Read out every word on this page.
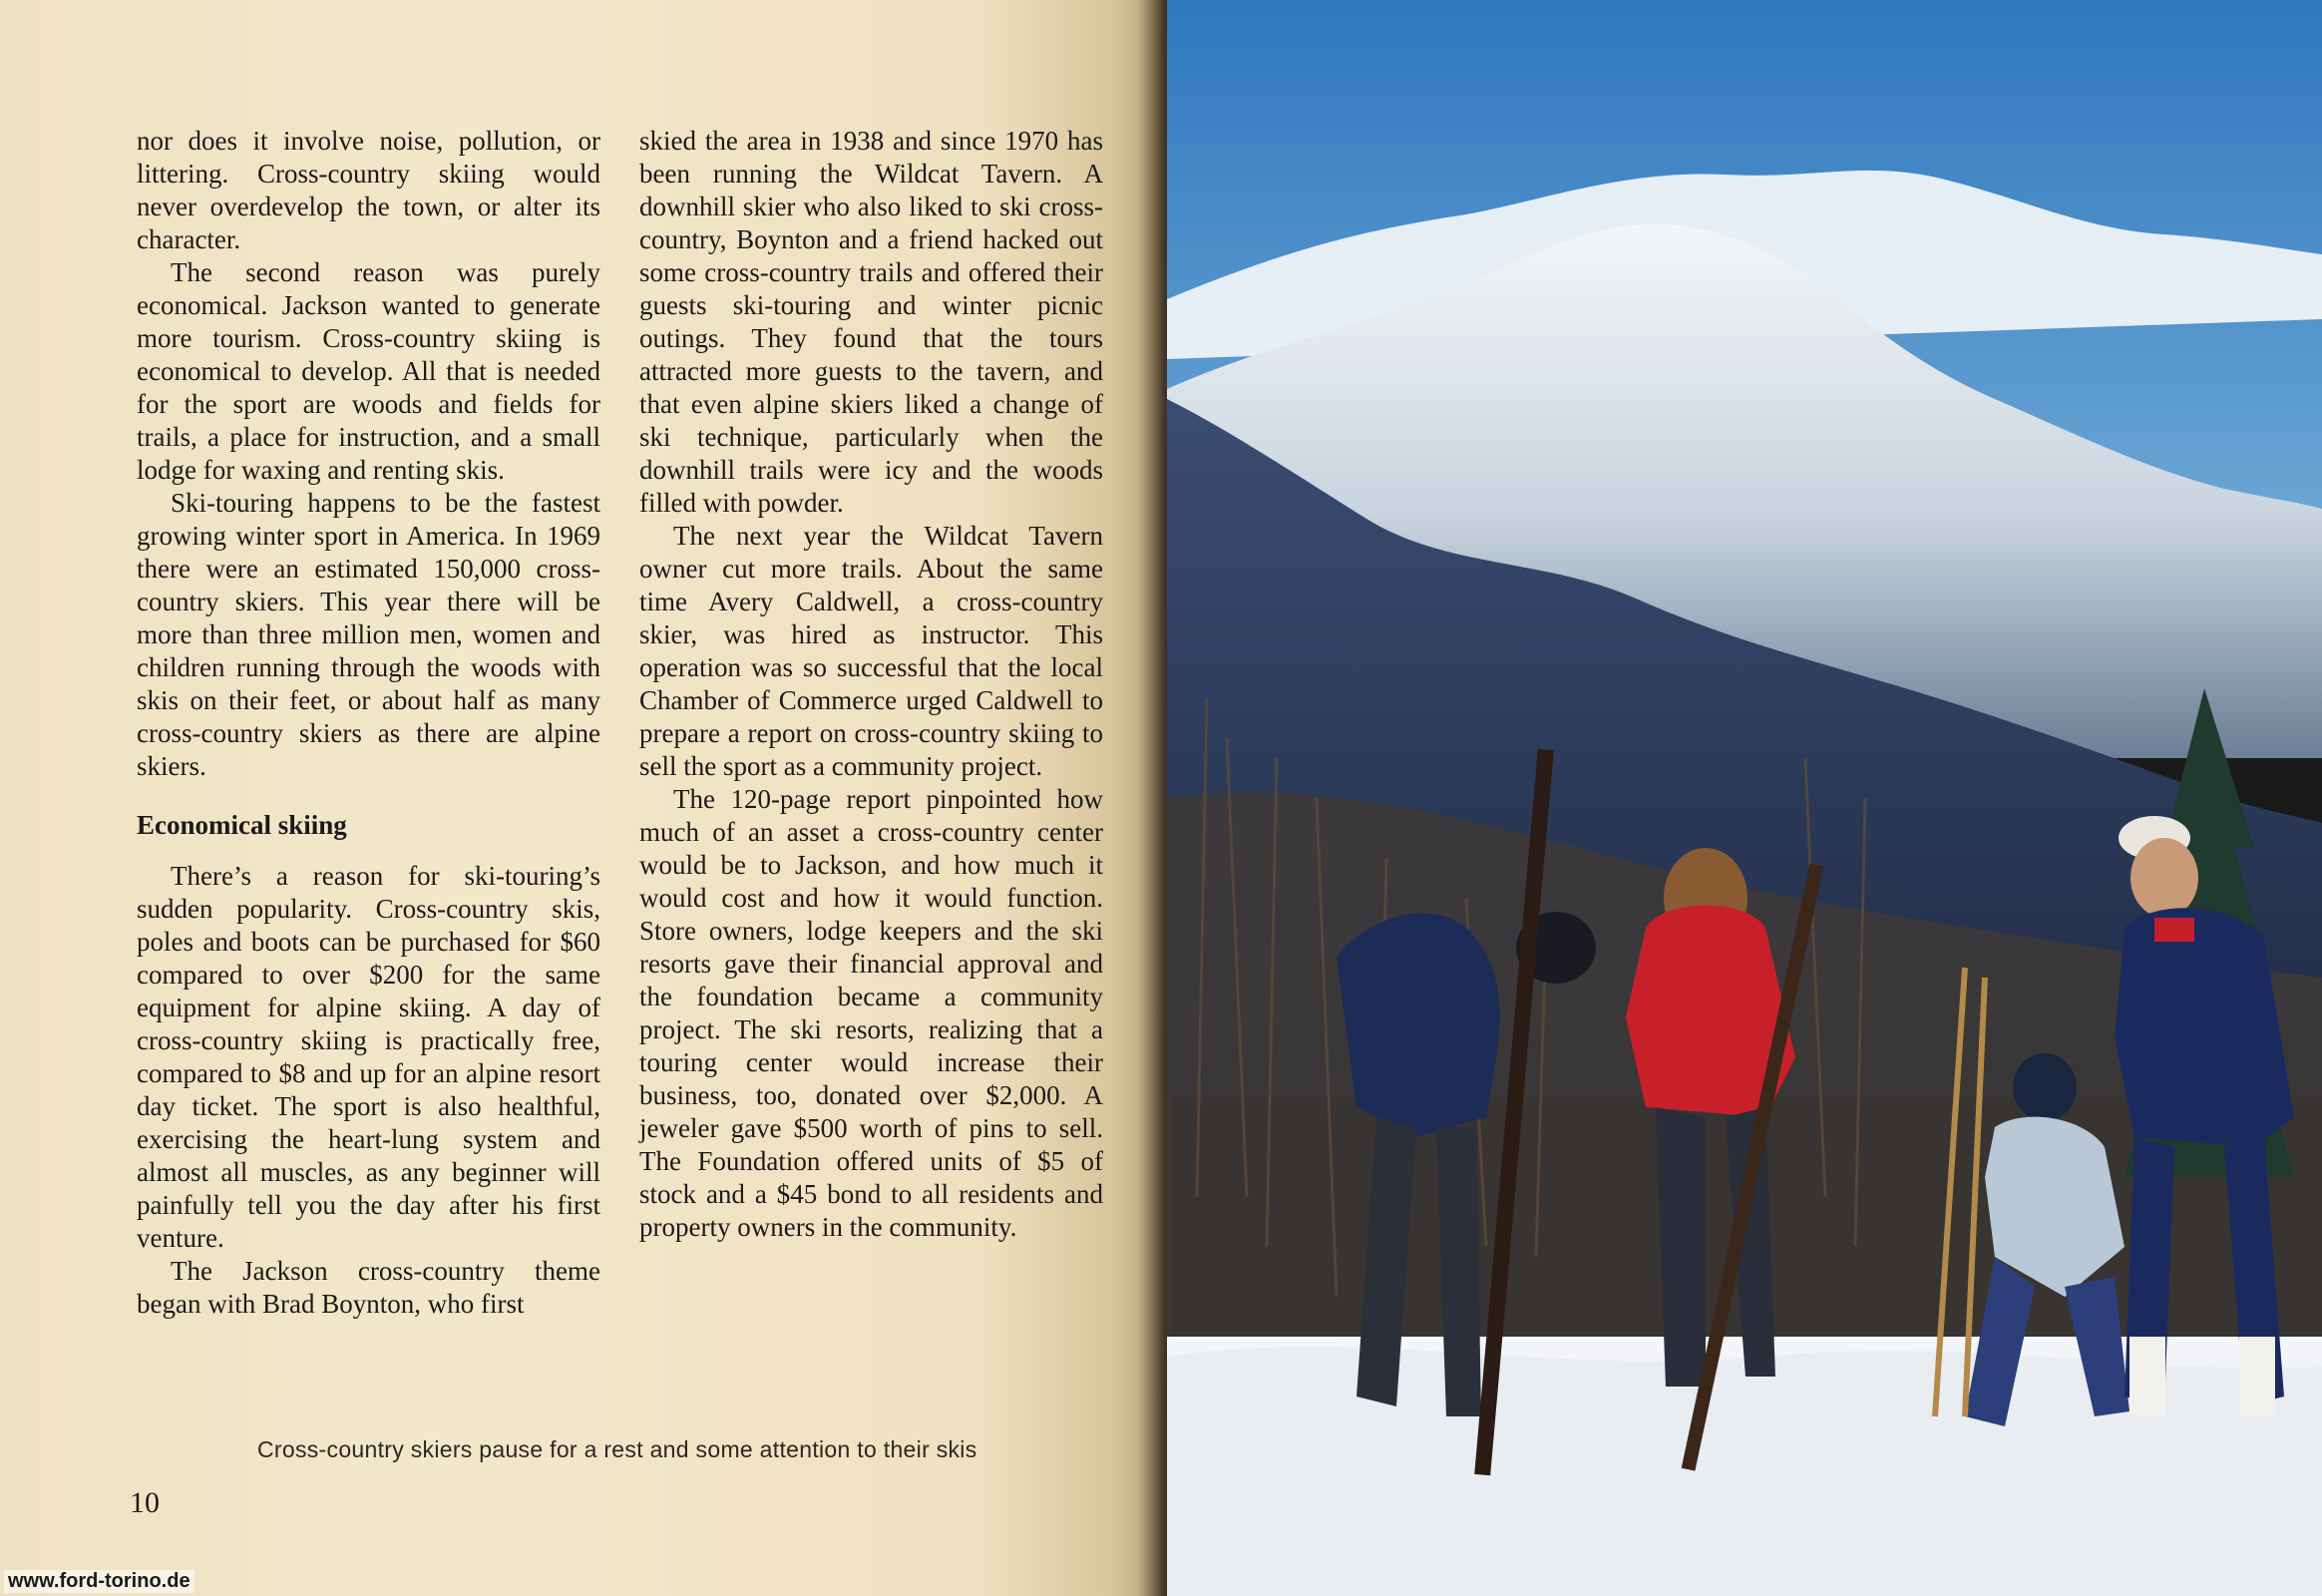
nor does it involve noise, pollution, or littering. Cross-country skiing would never overdevelop the town, or alter its character.

The second reason was purely economical. Jackson wanted to generate more tourism. Cross-country skiing is economical to develop. All that is needed for the sport are woods and fields for trails, a place for instruction, and a small lodge for waxing and renting skis.

Ski-touring happens to be the fastest growing winter sport in America. In 1969 there were an estimated 150,000 cross-country skiers. This year there will be more than three million men, women and children running through the woods with skis on their feet, or about half as many cross-country skiers as there are alpine skiers.

Economical skiing

There’s a reason for ski-touring’s sudden popularity. Cross-country skis, poles and boots can be purchased for $60 compared to over $200 for the same equipment for alpine skiing. A day of cross-country skiing is practically free, compared to $8 and up for an alpine resort day ticket. The sport is also healthful, exercising the heart-lung system and almost all muscles, as any beginner will painfully tell you the day after his first venture.

The Jackson cross-country theme began with Brad Boynton, who first

skied the area in 1938 and since 1970 has been running the Wildcat Tavern. A downhill skier who also liked to ski cross-country, Boynton and a friend hacked out some cross-country trails and offered their guests ski-touring and winter picnic outings. They found that the tours attracted more guests to the tavern, and that even alpine skiers liked a change of ski technique, particularly when the downhill trails were icy and the woods filled with powder.

The next year the Wildcat Tavern owner cut more trails. About the same time Avery Caldwell, a cross-country skier, was hired as instructor. This operation was so successful that the local Chamber of Commerce urged Caldwell to prepare a report on cross-country skiing to sell the sport as a community project.

The 120-page report pinpointed how much of an asset a cross-country center would be to Jackson, and how much it would cost and how it would function. Store owners, lodge keepers and the ski resorts gave their financial approval and the foundation became a community project. The ski resorts, realizing that a touring center would increase their business, too, donated over $2,000. A jeweler gave $500 worth of pins to sell. The Foundation offered units of $5 of stock and a $45 bond to all residents and property owners in the community.

Cross-country skiers pause for a rest and some attention to their skis
10
www.ford-torino.de
